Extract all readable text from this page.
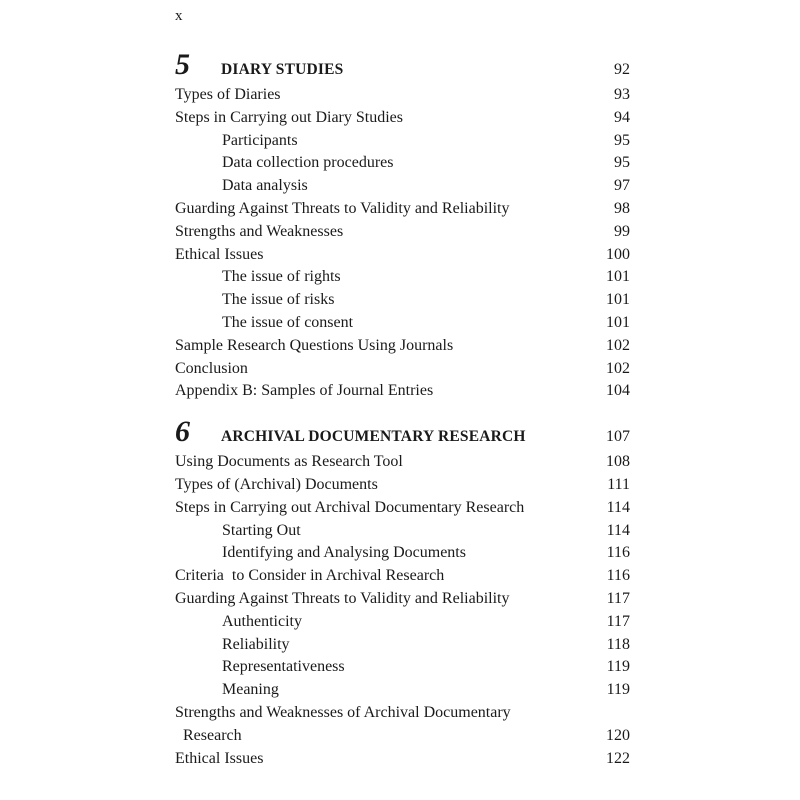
x
5	DIARY STUDIES	92
Types of Diaries	93
Steps in Carrying out Diary Studies	94
Participants	95
Data collection procedures	95
Data analysis	97
Guarding Against Threats to Validity and Reliability	98
Strengths and Weaknesses	99
Ethical Issues	100
The issue of rights	101
The issue of risks	101
The issue of consent	101
Sample Research Questions Using Journals	102
Conclusion	102
Appendix B: Samples of Journal Entries	104
6	ARCHIVAL DOCUMENTARY RESEARCH	107
Using Documents as Research Tool	108
Types of (Archival) Documents	111
Steps in Carrying out Archival Documentary Research	114
Starting Out	114
Identifying and Analysing Documents	116
Criteria  to Consider in Archival Research	116
Guarding Against Threats to Validity and Reliability	117
Authenticity	117
Reliability	118
Representativeness	119
Meaning	119
Strengths and Weaknesses of Archival Documentary
Research	120
Ethical Issues	122
